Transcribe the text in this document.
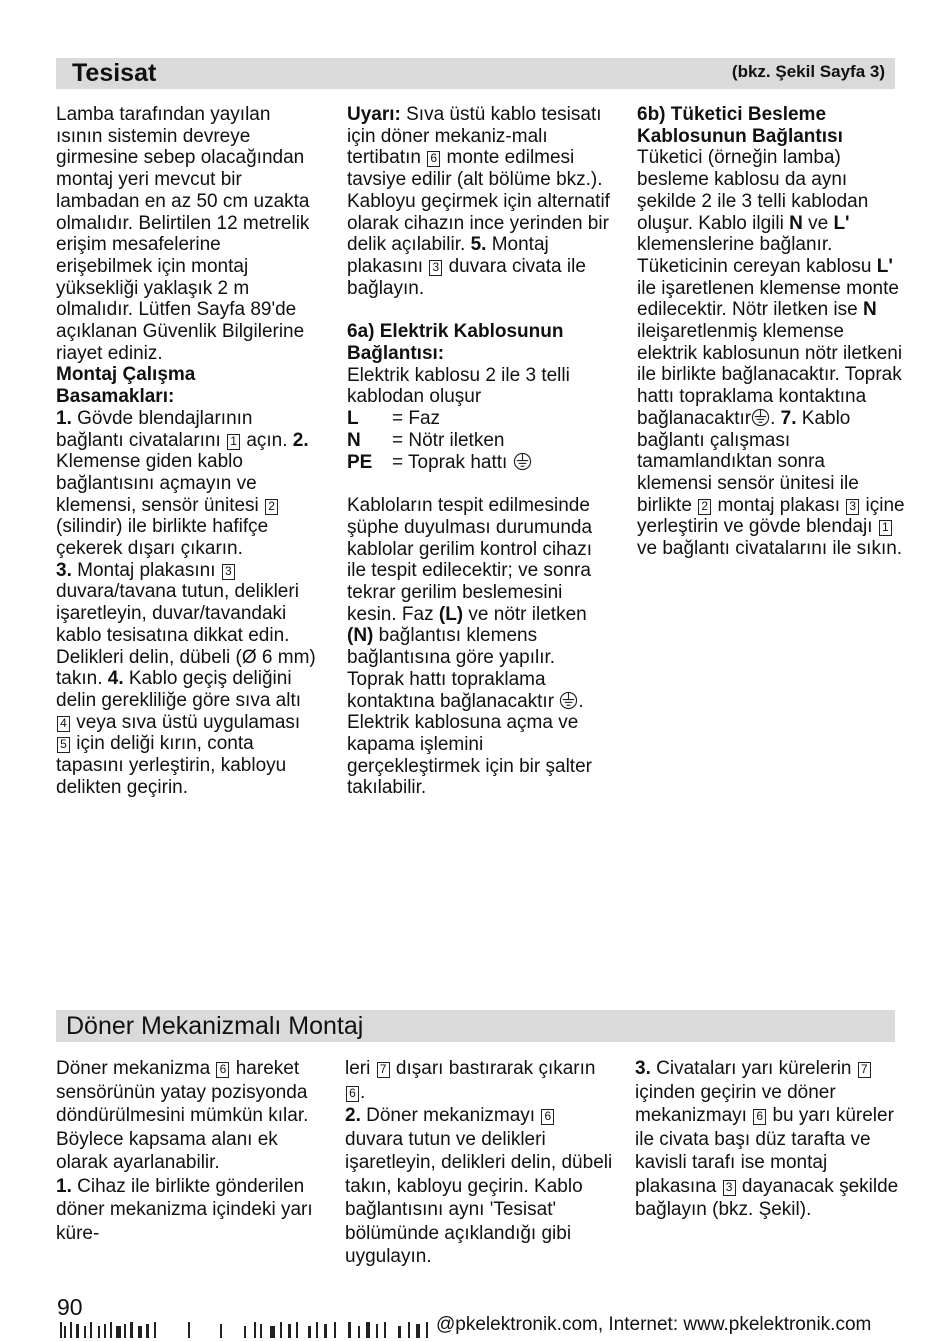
Tesisat	(bkz. Şekil Sayfa 3)

Lamba tarafından yayılan ısının sistemin devreye girmesine sebep olacağından montaj yeri mevcut bir lambadan en az 50 cm uzakta olmalıdır. Belirtilen 12 metrelik erişim mesafelerine erişebilmek için montaj yüksekliği yaklaşık 2 m olmalıdır. Lütfen Sayfa 89'de açıklanan Güvenlik Bilgilerine riayet ediniz.

Montaj Çalışma Basamakları:

1. Gövde blendajlarının bağlantı civatalarını 1 açın. 2. Klemense giden kablo bağlantısını açmayın ve klemensi, sensör ünitesi 2 (silindir) ile birlikte hafifçe çekerek dışarı çıkarın.
3. Montaj plakasını 3 duvara/tavana tutun, delikleri işaretleyin, duvar/tavandaki kablo tesisatına dikkat edin. Delikleri delin, dübeli (Ø 6 mm) takın. 4. Kablo geçiş deliğini delin gerekliliğe göre sıva altı 4 veya sıva üstü uygulaması 5 için deliği kırın, conta tapasını yerleştirin, kabloyu delikten geçirin.

Uyarı: Sıva üstü kablo tesisatı için döner mekaniz-malı tertibatın 6 monte edilmesi tavsiye edilir (alt bölüme bkz.). Kabloyu geçirmek için alternatif olarak cihazın ince yerinden bir delik açılabilir. 5. Montaj plakasını 3 duvara civata ile bağlayın.

6a) Elektrik Kablosunun Bağlantısı:

Elektrik kablosu 2 ile 3 telli kablodan oluşur

L	= Faz
N	= Nötr iletken
PE	= Toprak hattı

Kabloların tespit edilmesinde şüphe duyulması durumunda kablolar gerilim kontrol cihazı ile tespit edilecektir; ve sonra tekrar gerilim beslemesini kesin. Faz (L) ve nötr iletken (N) bağlantısı klemens bağlantısına göre yapılır. Toprak hattı topraklama kontaktına bağlanacaktır . Elektrik kablosuna açma ve kapama işlemini gerçekleştirmek için bir şalter takılabilir.

6b) Tüketici Besleme Kablosunun Bağlantısı

Tüketici (örneğin lamba) besleme kablosu da aynı şekilde 2 ile 3 telli kablodan oluşur. Kablo ilgili N ve L' klemenslerine bağlanır. Tüketicinin cereyan kablosu L' ile işaretlenen klemense monte edilecektir. Nötr iletken ise N ileişaretlenmiş klemense elektrik kablosunun nötr iletkeni ile birlikte bağlanacaktır. Toprak hattı topraklama kontaktına bağlanacaktır . 7. Kablo bağlantı çalışması tamamlandıktan sonra klemensi sensör ünitesi ile birlikte 2 montaj plakası 3 içine yerleştirin ve gövde blendajı 1 ve bağlantı civatalarını ile sıkın.

Döner Mekanizmalı Montaj

Döner mekanizma 6 hareket sensörünün yatay pozisyonda döndürülmesini mümkün kılar. Böylece kapsama alanı ek olarak ayarlanabilir.
1. Cihaz ile birlikte gönderilen döner mekanizma içindeki yarı küre-

leri 7 dışarı bastırarak çıkarın 6 .
2. Döner mekanizmayı 6 duvara tutun ve delikleri işaretleyin, delikleri delin, dübeli takın, kabloyu geçirin. Kablo bağlantısını aynı 'Tesisat' bölümünde açıklandığı gibi uygulayın.

3. Civataları yarı kürelerin 7 içinden geçirin ve döner mekanizmayı 6 bu yarı küreler ile civata başı düz tarafta ve kavisli tarafı ise montaj plakasına 3 dayanacak şekilde bağlayın (bkz. Şekil).

90
@pkelektronik.com, Internet: www.pkelektronik.com
